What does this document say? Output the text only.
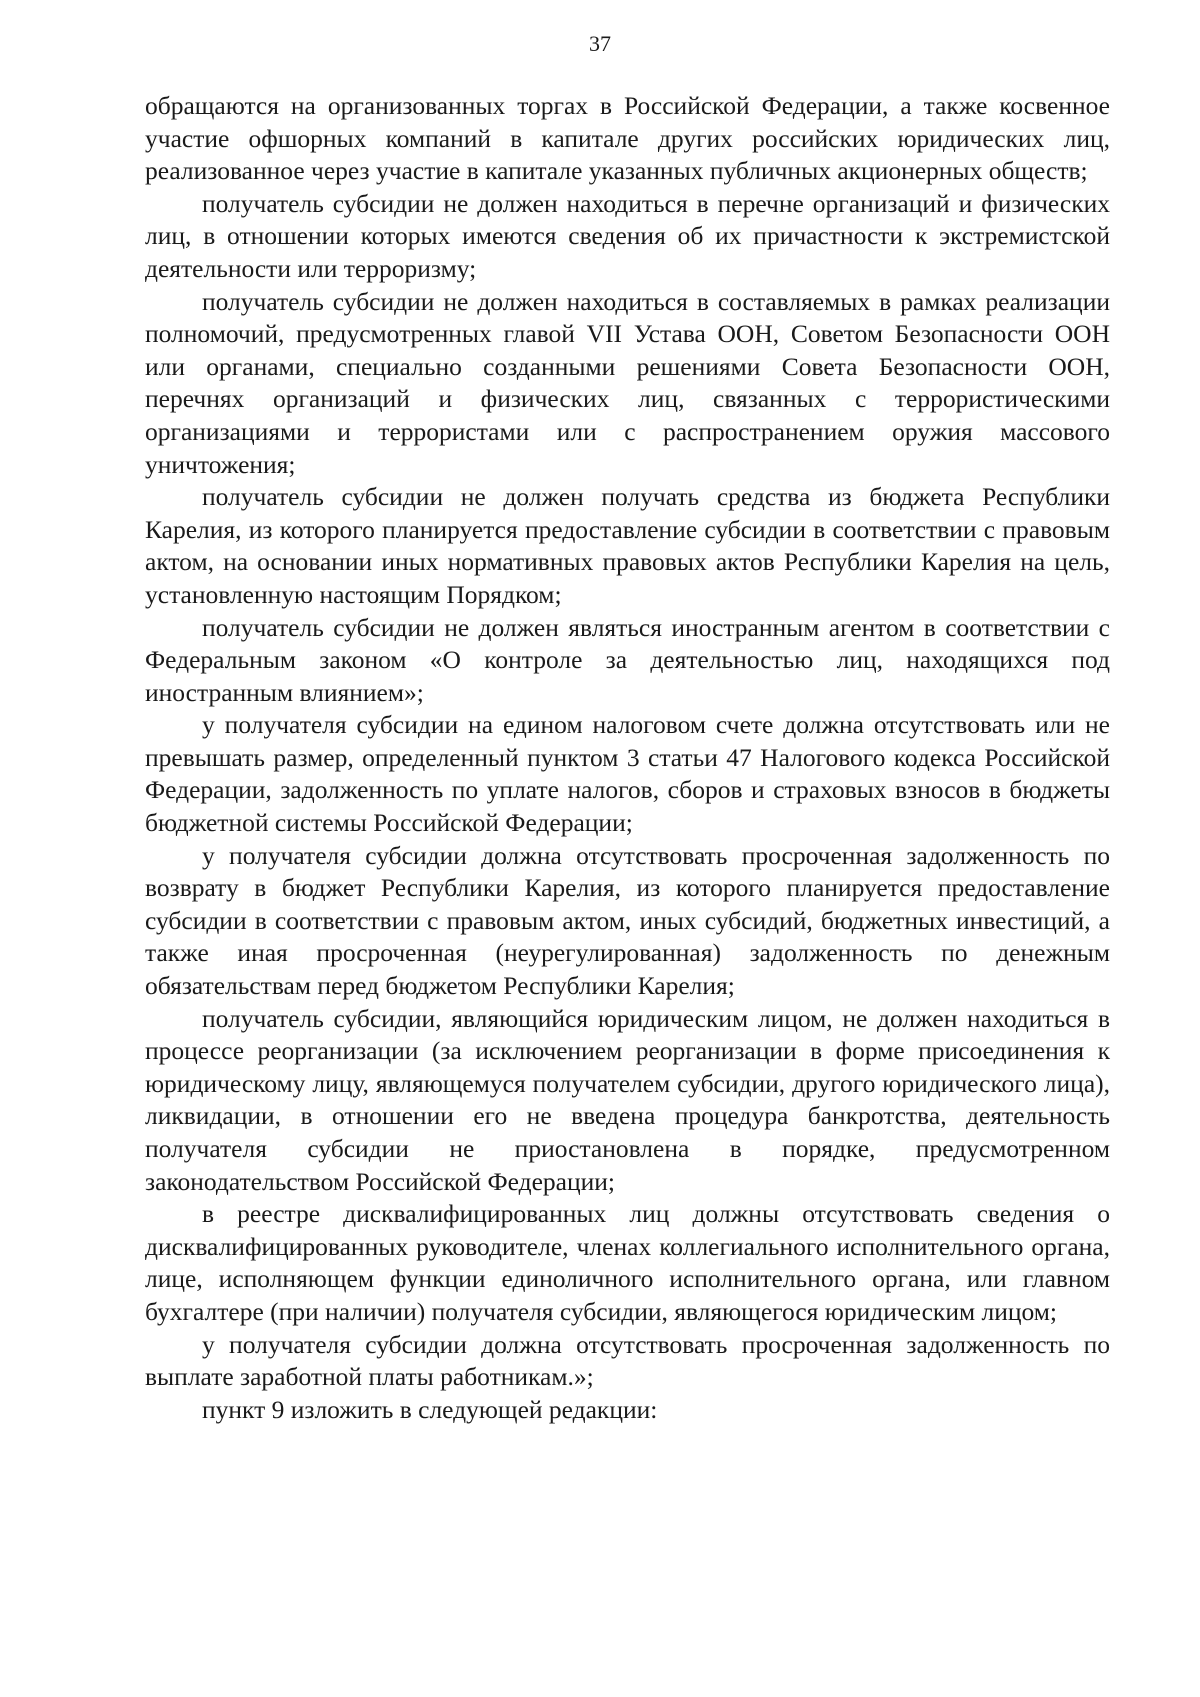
37

обращаются на организованных торгах в Российской Федерации, а также косвенное участие офшорных компаний в капитале других российских юридических лиц, реализованное через участие в капитале указанных публичных акционерных обществ;

получатель субсидии не должен находиться в перечне организаций и физических лиц, в отношении которых имеются сведения об их причастности к экстремистской деятельности или терроризму;

получатель субсидии не должен находиться в составляемых в рамках реализации полномочий, предусмотренных главой VII Устава ООН, Советом Безопасности ООН или органами, специально созданными решениями Совета Безопасности ООН, перечнях организаций и физических лиц, связанных с террористическими организациями и террористами или с распространением оружия массового уничтожения;

получатель субсидии не должен получать средства из бюджета Республики Карелия, из которого планируется предоставление субсидии в соответствии с правовым актом, на основании иных нормативных правовых актов Республики Карелия на цель, установленную настоящим Порядком;

получатель субсидии не должен являться иностранным агентом в соответствии с Федеральным законом «О контроле за деятельностью лиц, находящихся под иностранным влиянием»;

у получателя субсидии на едином налоговом счете должна отсутствовать или не превышать размер, определенный пунктом 3 статьи 47 Налогового кодекса Российской Федерации, задолженность по уплате налогов, сборов и страховых взносов в бюджеты бюджетной системы Российской Федерации;

у получателя субсидии должна отсутствовать просроченная задолженность по возврату в бюджет Республики Карелия, из которого планируется предоставление субсидии в соответствии с правовым актом, иных субсидий, бюджетных инвестиций, а также иная просроченная (неурегулированная) задолженность по денежным обязательствам перед бюджетом Республики Карелия;

получатель субсидии, являющийся юридическим лицом, не должен находиться в процессе реорганизации (за исключением реорганизации в форме присоединения к юридическому лицу, являющемуся получателем субсидии, другого юридического лица), ликвидации, в отношении его не введена процедура банкротства, деятельность получателя субсидии не приостановлена в порядке, предусмотренном законодательством Российской Федерации;

в реестре дисквалифицированных лиц должны отсутствовать сведения о дисквалифицированных руководителе, членах коллегиального исполнительного органа, лице, исполняющем функции единоличного исполнительного органа, или главном бухгалтере (при наличии) получателя субсидии, являющегося юридическим лицом;

у получателя субсидии должна отсутствовать просроченная задолженность по выплате заработной платы работникам.»;

пункт 9 изложить в следующей редакции:
